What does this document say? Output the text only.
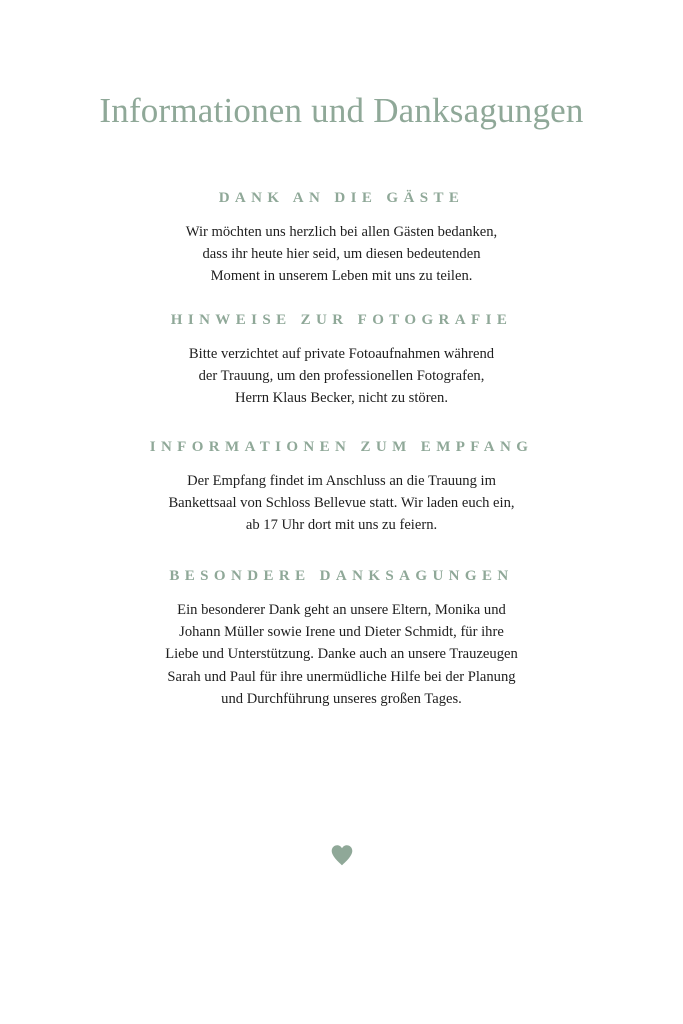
Informationen und Danksagungen
DANK AN DIE GÄSTE

Wir möchten uns herzlich bei allen Gästen bedanken,
dass ihr heute hier seid, um diesen bedeutenden
Moment in unserem Leben mit uns zu teilen.

HINWEISE ZUR FOTOGRAFIE

Bitte verzichtet auf private Fotoaufnahmen während
der Trauung, um den professionellen Fotografen,
Herrn Klaus Becker, nicht zu stören.

INFORMATIONEN ZUM EMPFANG

Der Empfang findet im Anschluss an die Trauung im
Bankettsaal von Schloss Bellevue statt. Wir laden euch ein,
ab 17 Uhr dort mit uns zu feiern.

BESONDERE DANKSAGUNGEN

Ein besonderer Dank geht an unsere Eltern, Monika und
Johann Müller sowie Irene und Dieter Schmidt, für ihre
Liebe und Unterstützung. Danke auch an unsere Trauzeugen
Sarah und Paul für ihre unermüdliche Hilfe bei der Planung
und Durchführung unseres großen Tages.
